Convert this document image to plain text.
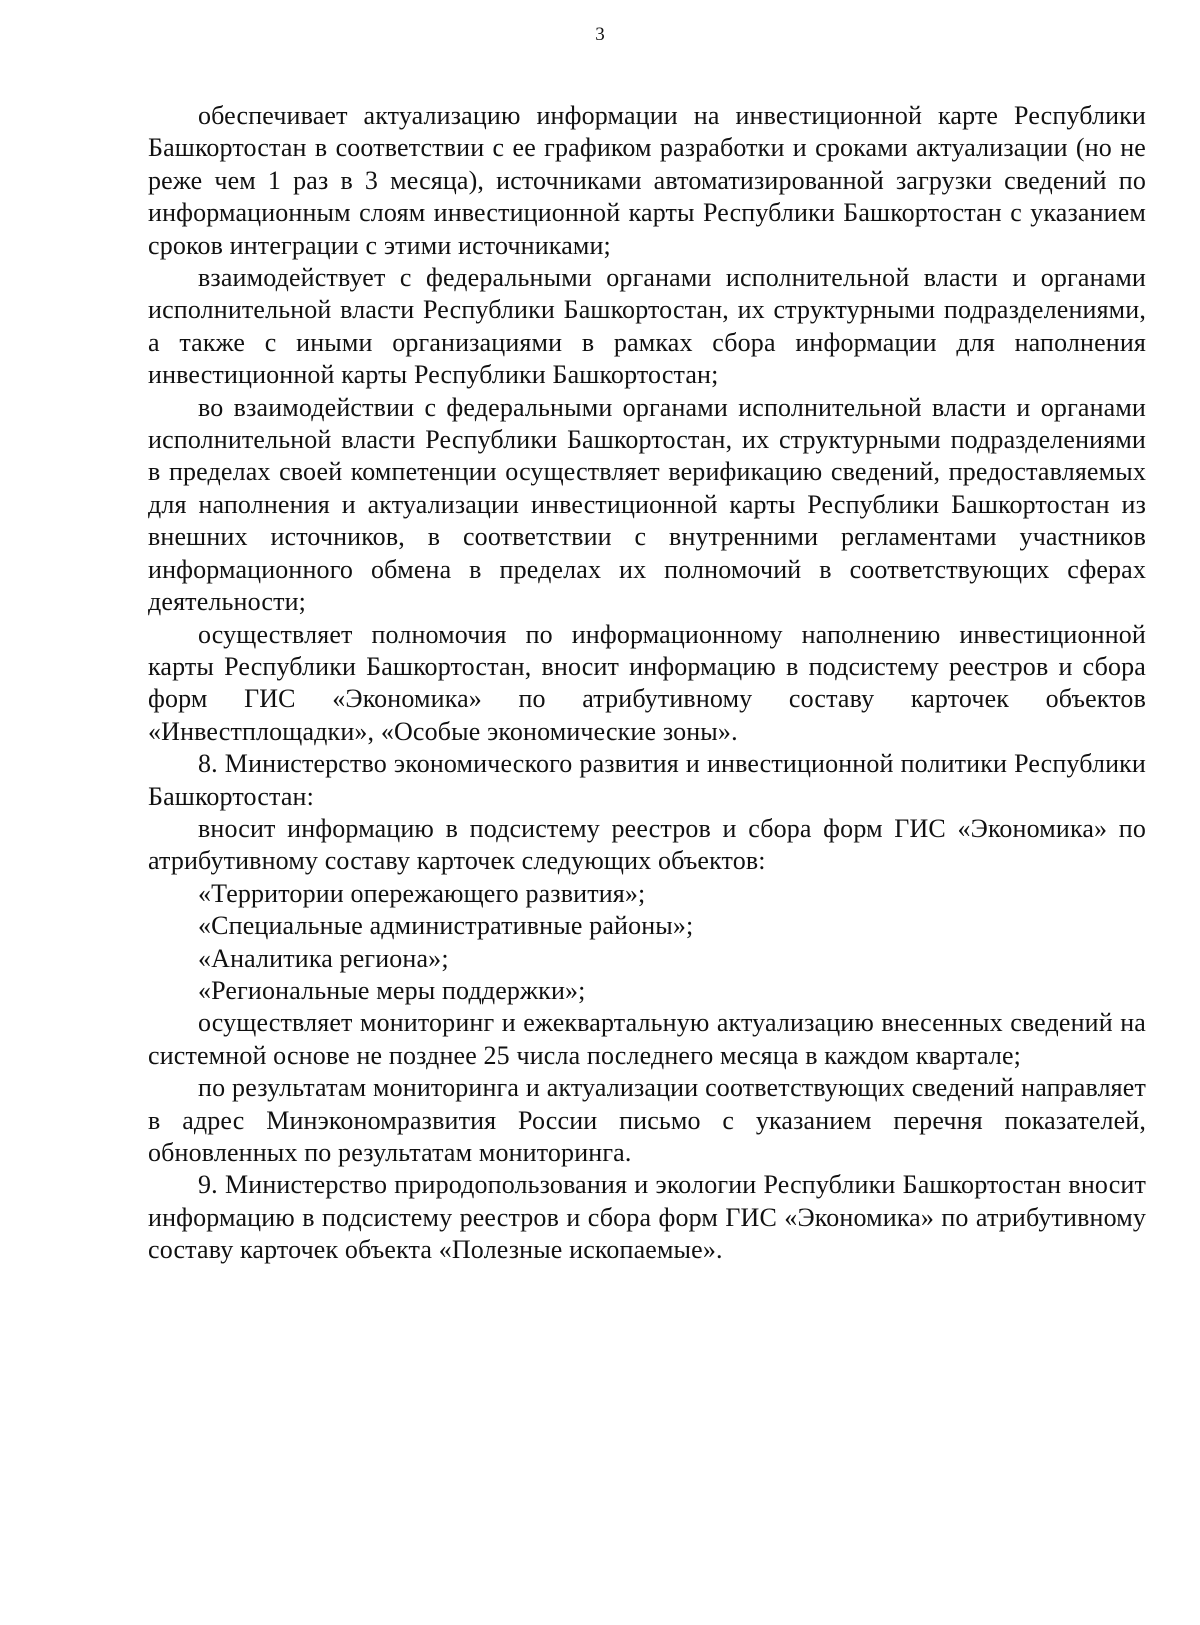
3

обеспечивает актуализацию информации на инвестиционной карте Республики Башкортостан в соответствии с ее графиком разработки и сроками актуализации (но не реже чем 1 раз в 3 месяца), источниками автоматизированной загрузки сведений по информационным слоям инвестиционной карты Республики Башкортостан с указанием сроков интеграции с этими источниками;

взаимодействует с федеральными органами исполнительной власти и органами исполнительной власти Республики Башкортостан, их структурными подразделениями, а также с иными организациями в рамках сбора информации для наполнения инвестиционной карты Республики Башкортостан;

во взаимодействии с федеральными органами исполнительной власти и органами исполнительной власти Республики Башкортостан, их структурными подразделениями в пределах своей компетенции осуществляет верификацию сведений, предоставляемых для наполнения и актуализации инвестиционной карты Республики Башкортостан из внешних источников, в соответствии с внутренними регламентами участников информационного обмена в пределах их полномочий в соответствующих сферах деятельности;

осуществляет полномочия по информационному наполнению инвестиционной карты Республики Башкортостан, вносит информацию в подсистему реестров и сбора форм ГИС «Экономика» по атрибутивному составу карточек объектов «Инвестплощадки», «Особые экономические зоны».

8. Министерство экономического развития и инвестиционной политики Республики Башкортостан:

вносит информацию в подсистему реестров и сбора форм ГИС «Экономика» по атрибутивному составу карточек следующих объектов:

«Территории опережающего развития»;

«Специальные административные районы»;

«Аналитика региона»;

«Региональные меры поддержки»;

осуществляет мониторинг и ежеквартальную актуализацию внесенных сведений на системной основе не позднее 25 числа последнего месяца в каждом квартале;

по результатам мониторинга и актуализации соответствующих сведений направляет в адрес Минэкономразвития России письмо с указанием перечня показателей, обновленных по результатам мониторинга.

9. Министерство природопользования и экологии Республики Башкортостан вносит информацию в подсистему реестров и сбора форм ГИС «Экономика» по атрибутивному составу карточек объекта «Полезные ископаемые».
